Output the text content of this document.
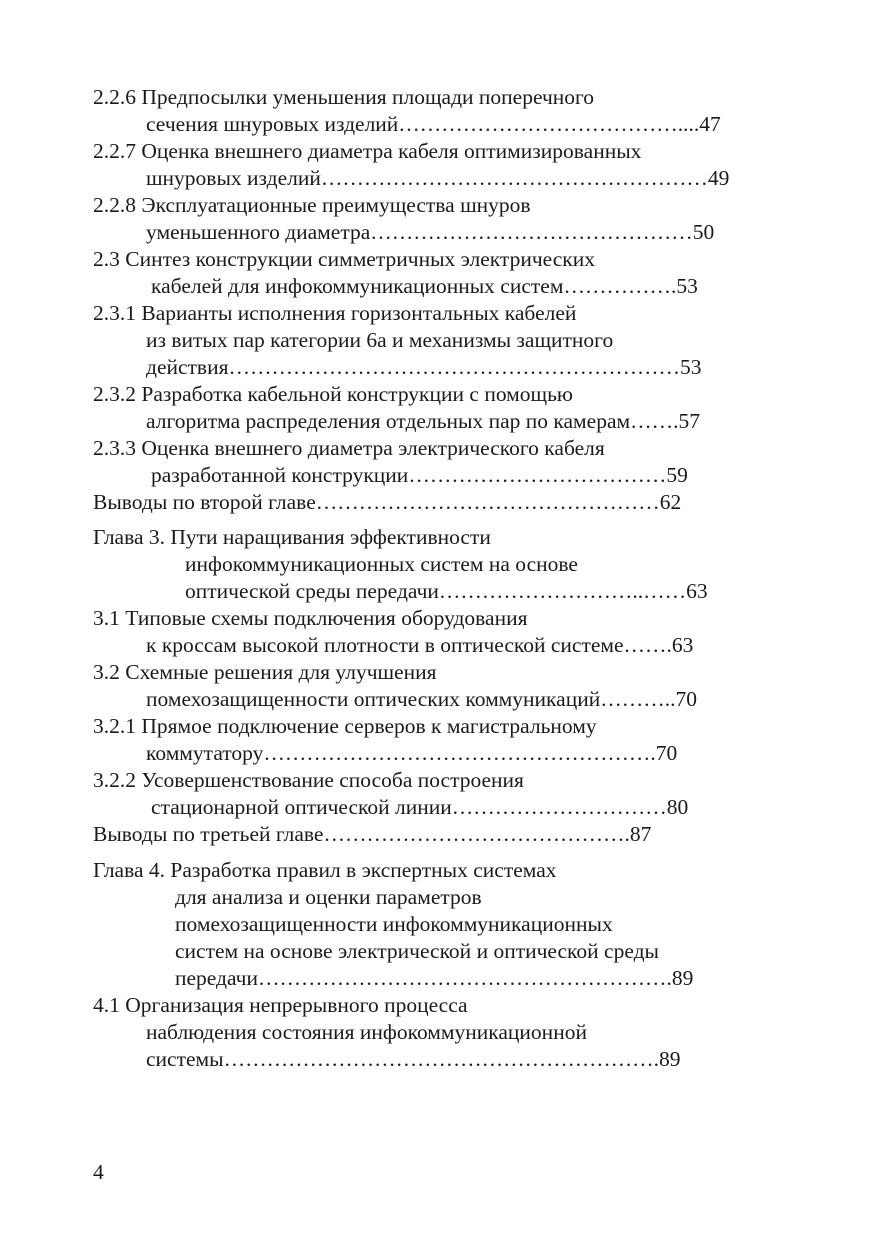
2.2.6 Предпосылки уменьшения площади поперечного
сечения шнуровых изделий…………………………………....47
2.2.7 Оценка внешнего диаметра кабеля оптимизированных
шнуровых изделий………………………………………………49
2.2.8 Эксплуатационные преимущества шнуров
уменьшенного диаметра………………………………………50
2.3 Синтез конструкции симметричных электрических
кабелей для инфокоммуникационных систем…………….53
2.3.1 Варианты исполнения горизонтальных кабелей
из витых пар категории 6а и механизмы защитного
действия………………………………………………………53
2.3.2 Разработка кабельной конструкции с помощью
алгоритма распределения отдельных пар по камерам…….57
2.3.3 Оценка внешнего диаметра электрического кабеля
разработанной конструкции………………………………59
Выводы по второй главе…………………………………………62
Глава 3. Пути наращивания эффективности
инфокоммуникационных систем на основе
оптической среды передачи………………………..……63
3.1 Типовые схемы подключения оборудования
к кроссам высокой плотности в оптической системе…….63
3.2 Схемные решения для улучшения
помехозащищенности оптических коммуникаций………..70
3.2.1 Прямое подключение серверов к магистральному
коммутатору……………………………………………….70
3.2.2 Усовершенствование способа построения
стационарной оптической линии…………………………80
Выводы по третьей главе…………………………………….87
Глава 4. Разработка правил в экспертных системах
для анализа и оценки параметров
помехозащищенности инфокоммуникационных
систем на основе электрической и оптической среды
передачи………………………………………………….89
4.1 Организация непрерывного процесса
наблюдения состояния инфокоммуникационной
системы…………………………………………………….89
4
